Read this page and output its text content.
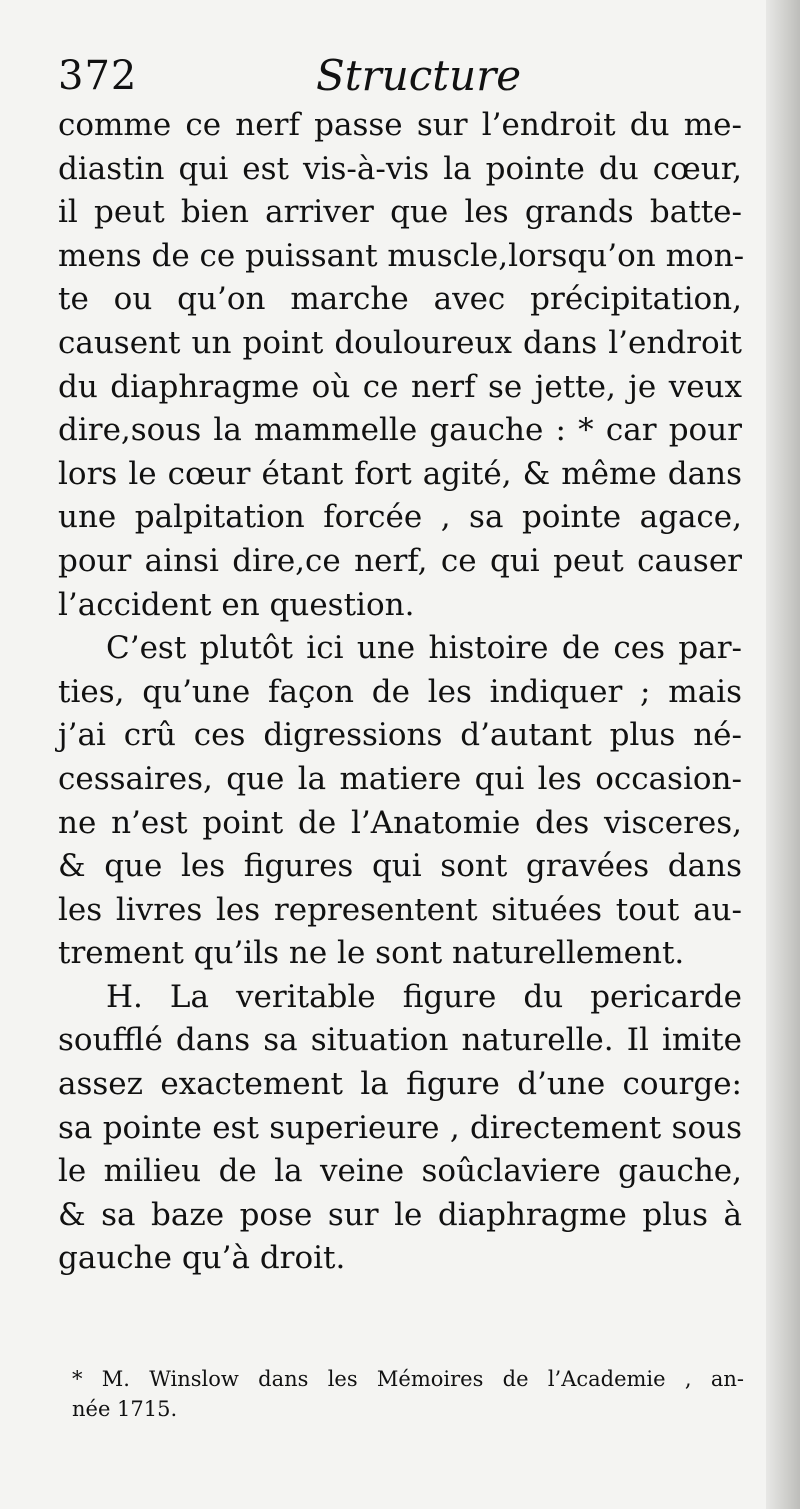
372	Structure
comme ce nerf passe sur l’endroit du me-
diastin qui est vis-à-vis la pointe du cœur,
il peut bien arriver que les grands batte-
mens de ce puissant muscle,lorsqu’on mon-
te ou qu’on marche avec précipitation,
causent un point douloureux dans l’endroit
du diaphragme où ce nerf se jette, je veux
dire,sous la mammelle gauche : * car pour
lors le cœur étant fort agité, & même dans
une palpitation forcée , sa pointe agace,
pour ainsi dire,ce nerf, ce qui peut causer
l’accident en question.
C’est plutôt ici une histoire de ces par-
ties, qu’une façon de les indiquer ; mais
j’ai crû ces digressions d’autant plus né-
cessaires, que la matiere qui les occasion-
ne n’est point de l’Anatomie des visceres,
& que les figures qui sont gravées dans
les livres les representent situées tout au-
trement qu’ils ne le sont naturellement.
H. La veritable figure du pericarde
soufflé dans sa situation naturelle. Il imite
assez exactement la figure d’une courge:
sa pointe est superieure , directement sous
le milieu de la veine soûclaviere gauche,
& sa baze pose sur le diaphragme plus à
gauche qu’à droit.
* M. Winslow dans les Mémoires de l’Academie , an-
née 1715.
